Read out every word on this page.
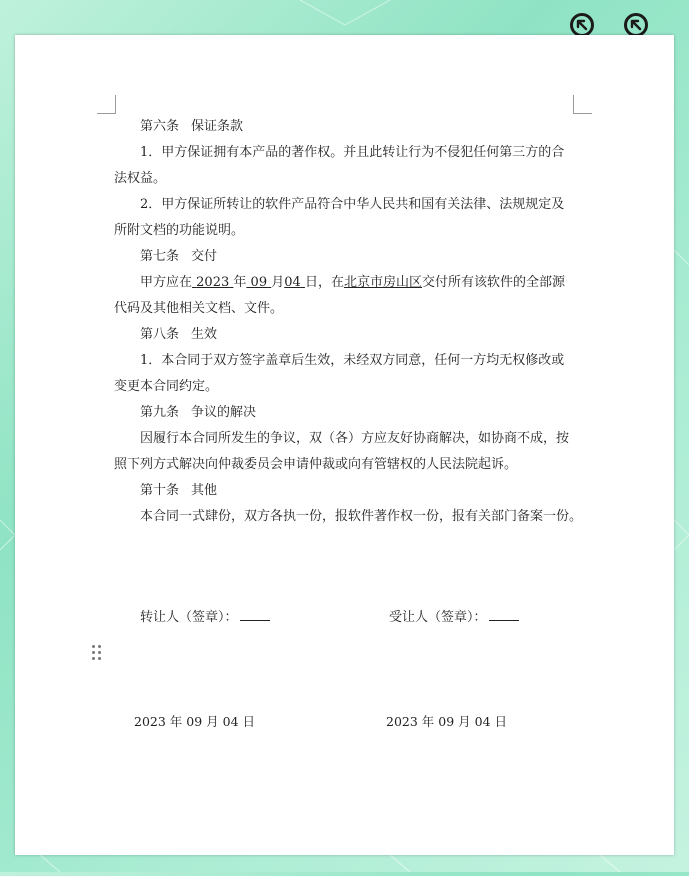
第六条 保证条款
1．甲方保证拥有本产品的著作权。并且此转让行为不侵犯任何第三方的合
法权益。
2．甲方保证所转让的软件产品符合中华人民共和国有关法律、法规规定及
所附文档的功能说明。
第七条 交付
甲方应在 2023 年 09 月04 日，在北京市房山区交付所有该软件的全部源
代码及其他相关文档、文件。
第八条 生效
1．本合同于双方签字盖章后生效，未经双方同意，任何一方均无权修改或
变更本合同约定。
第九条 争议的解决
因履行本合同所发生的争议，双（各）方应友好协商解决，如协商不成，按
照下列方式解决向仲裁委员会申请仲裁或向有管辖权的人民法院起诉。
第十条 其他
本合同一式肆份，双方各执一份，报软件著作权一份，报有关部门备案一份。
转让人（签章）：	受让人（签章）：
2023 年 09 月 04 日	2023 年 09 月 04 日
